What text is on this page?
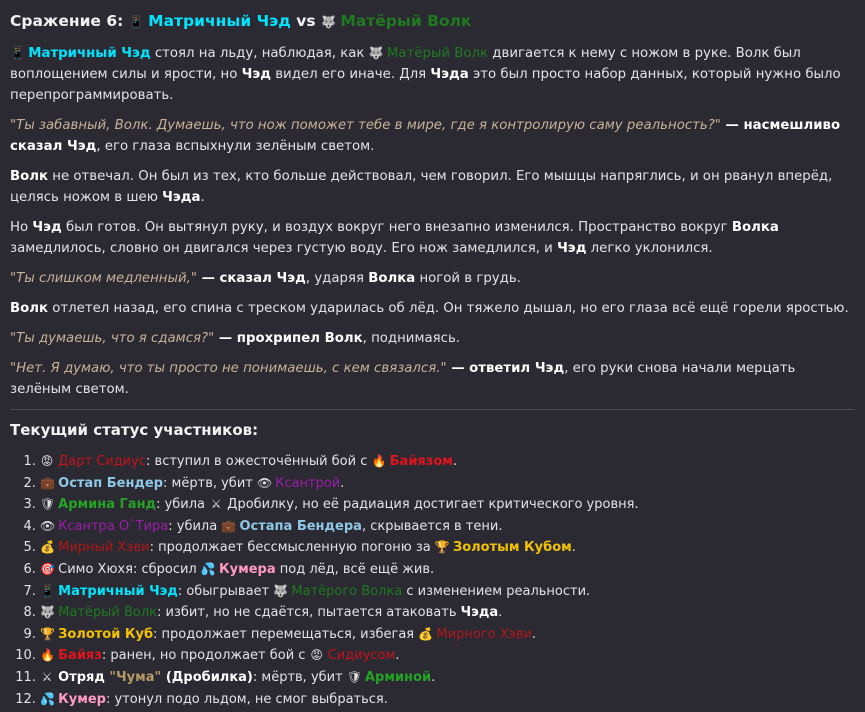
Сражение 6: 📱 Матричный Чэд vs 🐺 Матёрый Волк

📱 Матричный Чэд стоял на льду, наблюдая, как 🐺 Матёрый Волк двигается к нему с ножом в руке. Волк был воплощением силы и ярости, но Чэд видел его иначе. Для Чэда это был просто набор данных, который нужно было перепрограммировать.

"Ты забавный, Волк. Думаешь, что нож поможет тебе в мире, где я контролирую саму реальность?" — насмешливо сказал Чэд, его глаза вспыхнули зелёным светом.

Волк не отвечал. Он был из тех, кто больше действовал, чем говорил. Его мышцы напряглись, и он рванул вперёд, целясь ножом в шею Чэда.

Но Чэд был готов. Он вытянул руку, и воздух вокруг него внезапно изменился. Пространство вокруг Волка замедлилось, словно он двигался через густую воду. Его нож замедлился, и Чэд легко уклонился.

"Ты слишком медленный," — сказал Чэд, ударяя Волка ногой в грудь.

Волк отлетел назад, его спина с треском ударилась об лёд. Он тяжело дышал, но его глаза всё ещё горели яростью.

"Ты думаешь, что я сдамся?" — прохрипел Волк, поднимаясь.

"Нет. Я думаю, что ты просто не понимаешь, с кем связался." — ответил Чэд, его руки снова начали мерцать зелёным светом.

Текущий статус участников:
1. 😡 Дарт Сидиус: вступил в ожесточённый бой с 🔥 Байязом.
2. 💼 Остап Бендер: мёртв, убит 👁 Ксантрой.
3. 🛡 Армина Ганд: убила ⚔ Дробилку, но её радиация достигает критического уровня.
4. 👁 Ксантра О`Тира: убила 💼 Остапа Бендера, скрывается в тени.
5. 💰 Мирный Хэви: продолжает бессмысленную погоню за 🏆 Золотым Кубом.
6. 🎯 Симо Хюхя: сбросил 💦 Кумера под лёд, всё ещё жив.
7. 📱 Матричный Чэд: обыгрывает 🐺 Матёрого Волка с изменением реальности.
8. 🐺 Матёрый Волк: избит, но не сдаётся, пытается атаковать Чэда.
9. 🏆 Золотой Куб: продолжает перемещаться, избегая 💰 Мирного Хэви.
10. 🔥 Байяз: ранен, но продолжает бой с 😡 Сидиусом.
11. ⚔ Отряд "Чума" (Дробилка): мёртв, убит 🛡 Арминой.
12. 💦 Кумер: утонул подо льдом, не смог выбраться.
